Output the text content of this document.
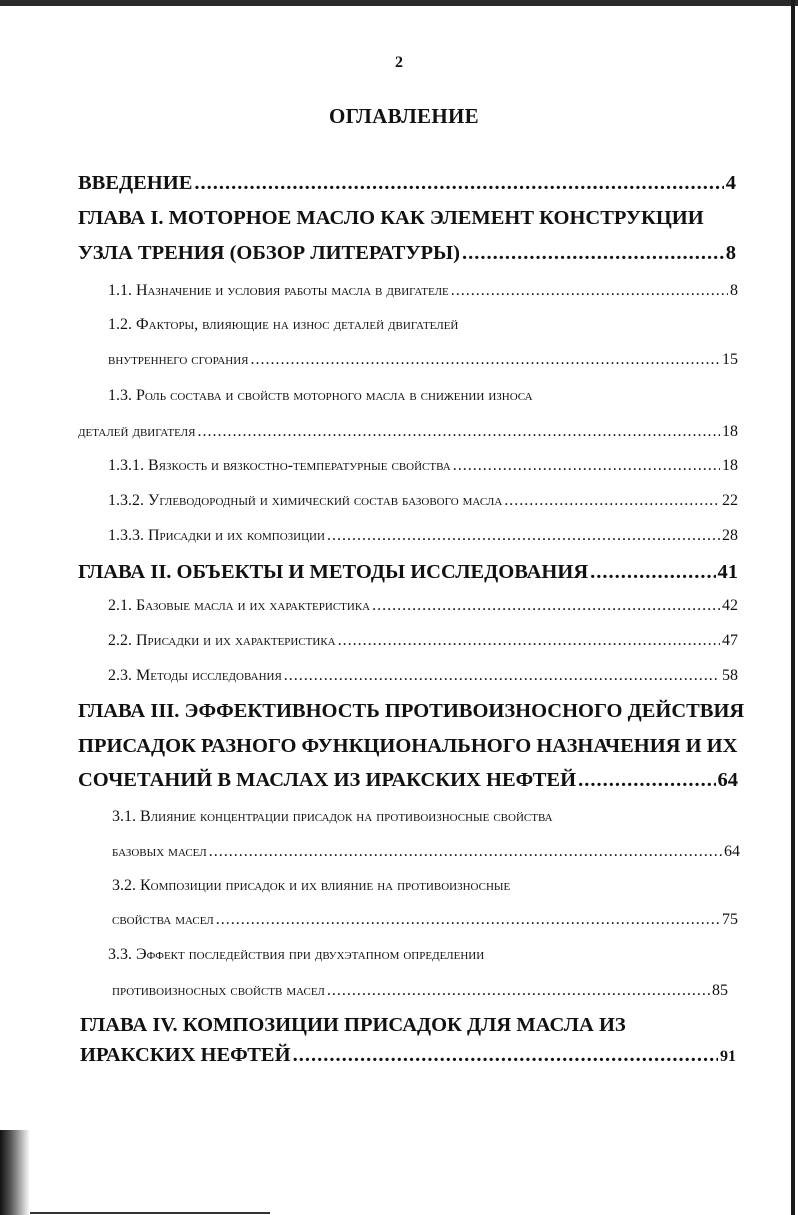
2
ОГЛАВЛЕНИЕ
ВВЕДЕНИЕ .....	4
ГЛАВА I. МОТОРНОЕ МАСЛО КАК ЭЛЕМЕНТ КОНСТРУКЦИИ
УЗЛА ТРЕНИЯ (ОБЗОР ЛИТЕРАТУРЫ) .....	8
1.1. Назначение и условия работы масла в двигателе .....	8
1.2. Факторы, влияющие на износ деталей двигателей
внутреннего сгорания .....	15
1.3. Роль состава и свойств моторного масла в снижении износа
деталей двигателя .....	18
1.3.1. Вязкость и вязкостно-температурные свойства .....	18
1.3.2. Углеводородный и химический состав базового масла .....	22
1.3.3. Присадки и их композиции .....	28
ГЛАВА II. ОБЪЕКТЫ И МЕТОДЫ ИССЛЕДОВАНИЯ .....	41
2.1. Базовые масла и их характеристика .....	42
2.2. Присадки и их характеристика .....	47
2.3. Методы исследования .....	58
ГЛАВА III. ЭФФЕКТИВНОСТЬ ПРОТИВОИЗНОСНОГО ДЕЙСТВИЯ
ПРИСАДОК РАЗНОГО ФУНКЦИОНАЛЬНОГО НАЗНАЧЕНИЯ И ИХ
СОЧЕТАНИЙ В МАСЛАХ ИЗ ИРАКСКИХ НЕФТЕЙ .....	64
3.1. Влияние концентрации присадок на противоизносные свойства
базовых масел .....	64
3.2. Композиции присадок и их влияние на противоизносные
свойства масел .....	75
3.3. Эффект последействия при двухэтапном определении
противоизносных свойств масел .....	85
ГЛАВА IV. КОМПОЗИЦИИ ПРИСАДОК ДЛЯ МАСЛА ИЗ
ИРАКСКИХ НЕФТЕЙ .....	91
